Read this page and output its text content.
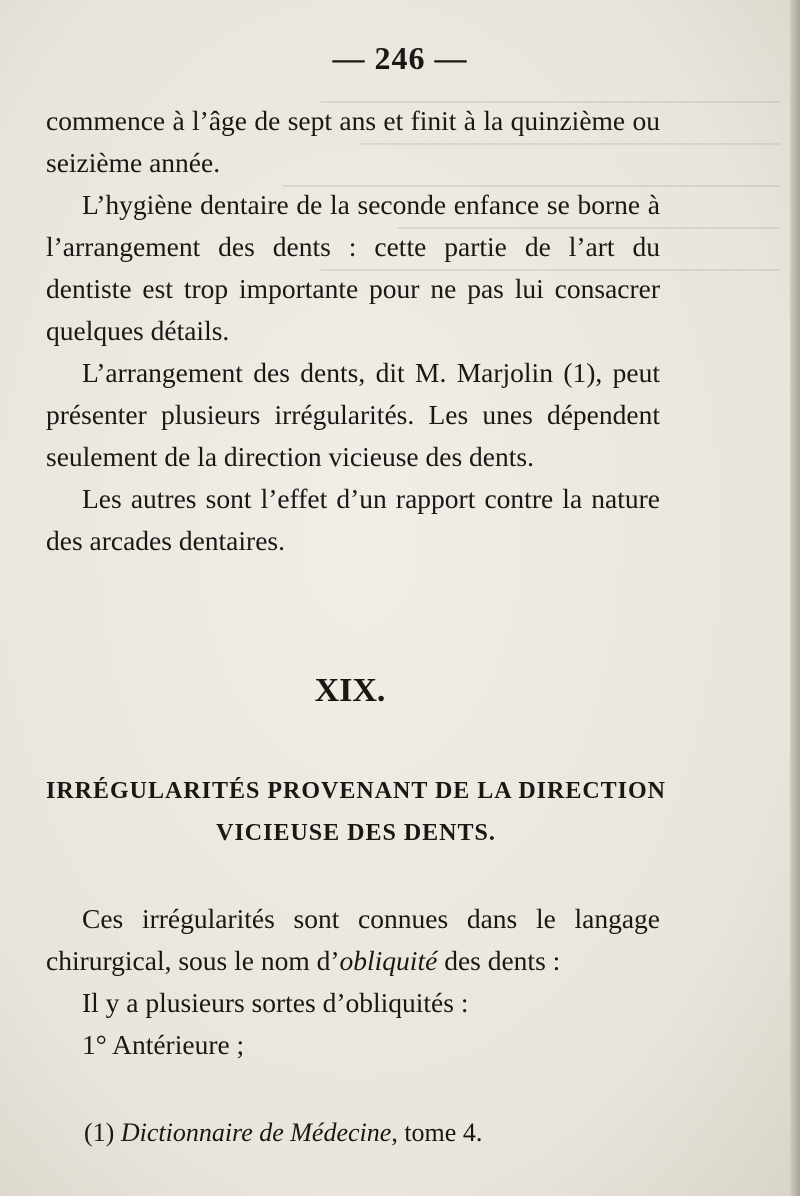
────────────────────────
──────────────────────
──────────────────────────
────────────────────
────────────────────────
— 246 —

commence à l’âge de sept ans et finit à la quinzième ou seizième année.

L’hygiène dentaire de la seconde enfance se borne à l’arrangement des dents : cette partie de l’art du dentiste est trop importante pour ne pas lui consacrer quelques détails.

L’arrangement des dents, dit M. Marjolin (1), peut présenter plusieurs irrégularités. Les unes dépendent seulement de la direction vicieuse des dents.

Les autres sont l’effet d’un rapport contre la nature des arcades dentaires.

XIX.
IRRÉGULARITÉS PROVENANT DE LA DIRECTION VICIEUSE DES DENTS.

Ces irrégularités sont connues dans le langage chirurgical, sous le nom d’obliquité des dents :

Il y a plusieurs sortes d’obliquités :

1° Antérieure ;

(1) Dictionnaire de Médecine, tome 4.
